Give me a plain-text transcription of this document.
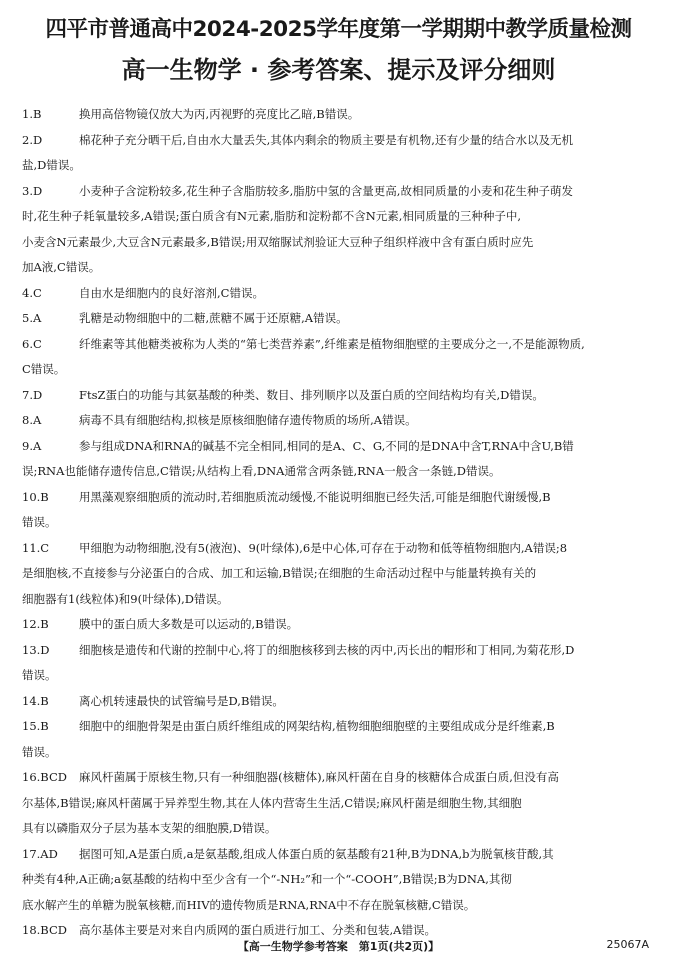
四平市普通高中2024-2025学年度第一学期期中教学质量检测
高一生物学 · 参考答案、提示及评分细则
1.B	换用高倍物镜仅放大为丙,丙视野的亮度比乙暗,B错误。
2.D	棉花种子充分晒干后,自由水大量丢失,其体内剩余的物质主要是有机物,还有少量的结合水以及无机
盐,D错误。
3.D	小麦种子含淀粉较多,花生种子含脂肪较多,脂肪中氢的含量更高,故相同质量的小麦和花生种子萌发
时,花生种子耗氧量较多,A错误;蛋白质含有N元素,脂肪和淀粉都不含N元素,相同质量的三种种子中,
小麦含N元素最少,大豆含N元素最多,B错误;用双缩脲试剂验证大豆种子组织样液中含有蛋白质时应先
加A液,C错误。
4.C	自由水是细胞内的良好溶剂,C错误。
5.A	乳糖是动物细胞中的二糖,蔗糖不属于还原糖,A错误。
6.C	纤维素等其他糖类被称为人类的“第七类营养素”,纤维素是植物细胞壁的主要成分之一,不是能源物质,
C错误。
7.D	FtsZ蛋白的功能与其氨基酸的种类、数目、排列顺序以及蛋白质的空间结构均有关,D错误。
8.A	病毒不具有细胞结构,拟核是原核细胞储存遗传物质的场所,A错误。
9.A	参与组成DNA和RNA的碱基不完全相同,相同的是A、C、G,不同的是DNA中含T,RNA中含U,B错
误;RNA也能储存遗传信息,C错误;从结构上看,DNA通常含两条链,RNA一般含一条链,D错误。
10.B	用黑藻观察细胞质的流动时,若细胞质流动缓慢,不能说明细胞已经失活,可能是细胞代谢缓慢,B
错误。
11.C	甲细胞为动物细胞,没有5(液泡)、9(叶绿体),6是中心体,可存在于动物和低等植物细胞内,A错误;8
是细胞核,不直接参与分泌蛋白的合成、加工和运输,B错误;在细胞的生命活动过程中与能量转换有关的
细胞器有1(线粒体)和9(叶绿体),D错误。
12.B	膜中的蛋白质大多数是可以运动的,B错误。
13.D	细胞核是遗传和代谢的控制中心,将丁的细胞核移到去核的丙中,丙长出的帽形和丁相同,为菊花形,D
错误。
14.B	离心机转速最快的试管编号是D,B错误。
15.B	细胞中的细胞骨架是由蛋白质纤维组成的网架结构,植物细胞细胞壁的主要组成成分是纤维素,B
错误。
16.BCD	麻风杆菌属于原核生物,只有一种细胞器(核糖体),麻风杆菌在自身的核糖体合成蛋白质,但没有高
尔基体,B错误;麻风杆菌属于异养型生物,其在人体内营寄生生活,C错误;麻风杆菌是细胞生物,其细胞
具有以磷脂双分子层为基本支架的细胞膜,D错误。
17.AD	据图可知,A是蛋白质,a是氨基酸,组成人体蛋白质的氨基酸有21种,B为DNA,b为脱氧核苷酸,其
种类有4种,A正确;a氨基酸的结构中至少含有一个“-NH₂”和一个“-COOH”,B错误;B为DNA,其彻
底水解产生的单糖为脱氧核糖,而HIV的遗传物质是RNA,RNA中不存在脱氧核糖,C错误。
18.BCD	高尔基体主要是对来自内质网的蛋白质进行加工、分类和包装,A错误。
【高一生物学参考答案　第1页(共2页)】	25067A
